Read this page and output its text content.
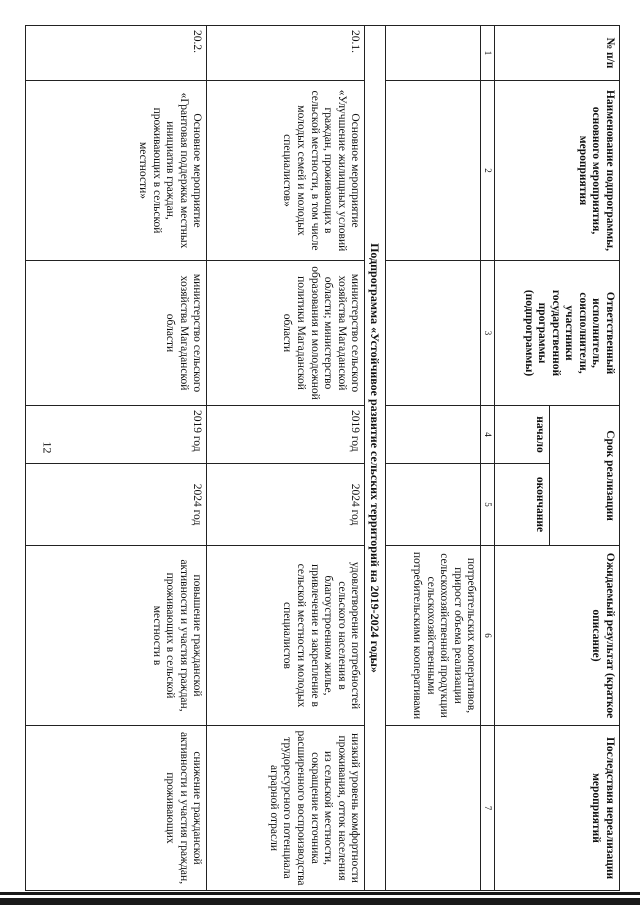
12
№ п/п	Наименование подпрограммы, основного мероприятия, мероприятия	Ответственный исполнитель, соисполнители, участники государственной программы (подпрограммы)	Срок реализации		Ожидаемый результат (краткое описание)	Последствия нереализации мероприятий
			начало	окончание		
1	2	3	4	5	6	7
					потребительских кооперативов, прирост объема реализации сельскохозяйственной продукции сельскохозяйственными потребительскими кооперативами	
Подпрограмма «Устойчивое развитие сельских территорий на 2019-2024 годы»						
20.1.	Основное мероприятие «Улучшение жилищных условий граждан, проживающих в сельской местности, в том числе молодых семей и молодых специалистов»	министерство сельского хозяйства Магаданской области; министерство образования и молодежной политики Магаданской области	2019 год	2024 год	удовлетворение потребностей сельского населения в благоустроенном жилье, привлечение и закрепление в сельской местности молодых специалистов	низкий уровень комфортности проживания, отток населения из сельской местности, сокращение источника расширенного воспроизводства трудоресурсного потенциала аграрной отрасли
20.2.	Основное мероприятие «Грантовая поддержка местных инициатив граждан, проживающих в сельской местности»	министерство сельского хозяйства Магаданской области	2019 год	2024 год	повышение гражданской активности и участия граждан, проживающих в сельской местности в	снижение гражданской активности и участия граждан, проживающих
